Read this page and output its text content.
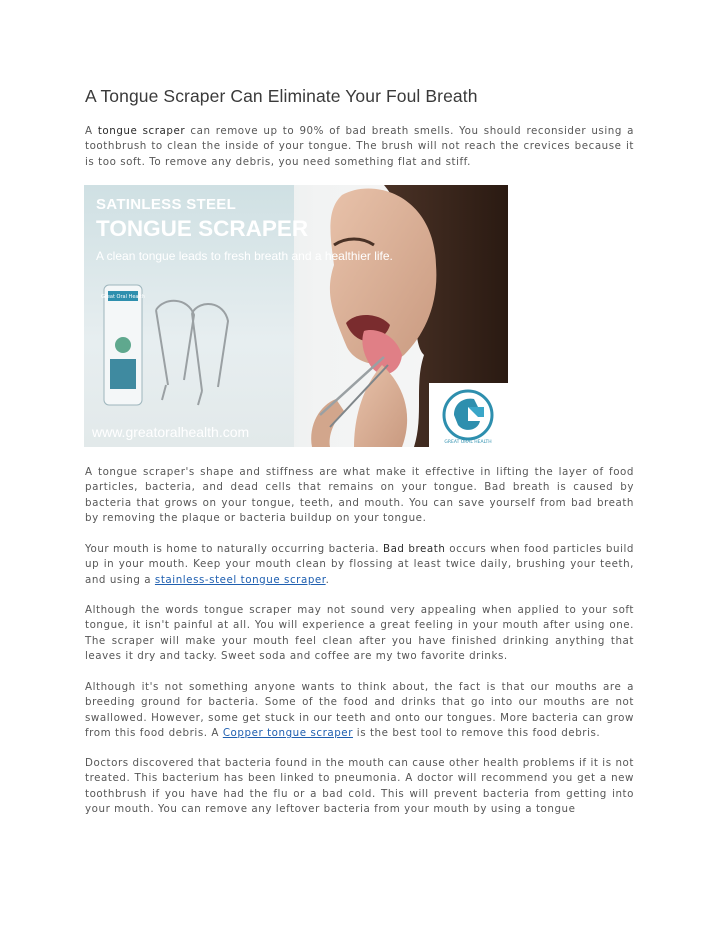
A Tongue Scraper Can Eliminate Your Foul Breath

A tongue scraper can remove up to 90% of bad breath smells. You should reconsider using a toothbrush to clean the inside of your tongue. The brush will not reach the crevices because it is too soft. To remove any debris, you need something flat and stiff.

Great Oral Health
SATINLESS STEEL
TONGUE SCRAPER
A clean tongue leads to fresh breath and a healthier life.
www.greatoralhealth.com
GREAT ORAL HEALTH

A tongue scraper's shape and stiffness are what make it effective in lifting the layer of food particles, bacteria, and dead cells that remains on your tongue. Bad breath is caused by bacteria that grows on your tongue, teeth, and mouth. You can save yourself from bad breath by removing the plaque or bacteria buildup on your tongue.

Your mouth is home to naturally occurring bacteria. Bad breath occurs when food particles build up in your mouth. Keep your mouth clean by flossing at least twice daily, brushing your teeth, and using a stainless-steel tongue scraper.

Although the words tongue scraper may not sound very appealing when applied to your soft tongue, it isn't painful at all. You will experience a great feeling in your mouth after using one. The scraper will make your mouth feel clean after you have finished drinking anything that leaves it dry and tacky. Sweet soda and coffee are my two favorite drinks.

Although it's not something anyone wants to think about, the fact is that our mouths are a breeding ground for bacteria. Some of the food and drinks that go into our mouths are not swallowed. However, some get stuck in our teeth and onto our tongues. More bacteria can grow from this food debris. A Copper tongue scraper is the best tool to remove this food debris.

Doctors discovered that bacteria found in the mouth can cause other health problems if it is not treated. This bacterium has been linked to pneumonia. A doctor will recommend you get a new toothbrush if you have had the flu or a bad cold. This will prevent bacteria from getting into your mouth. You can remove any leftover bacteria from your mouth by using a tongue
